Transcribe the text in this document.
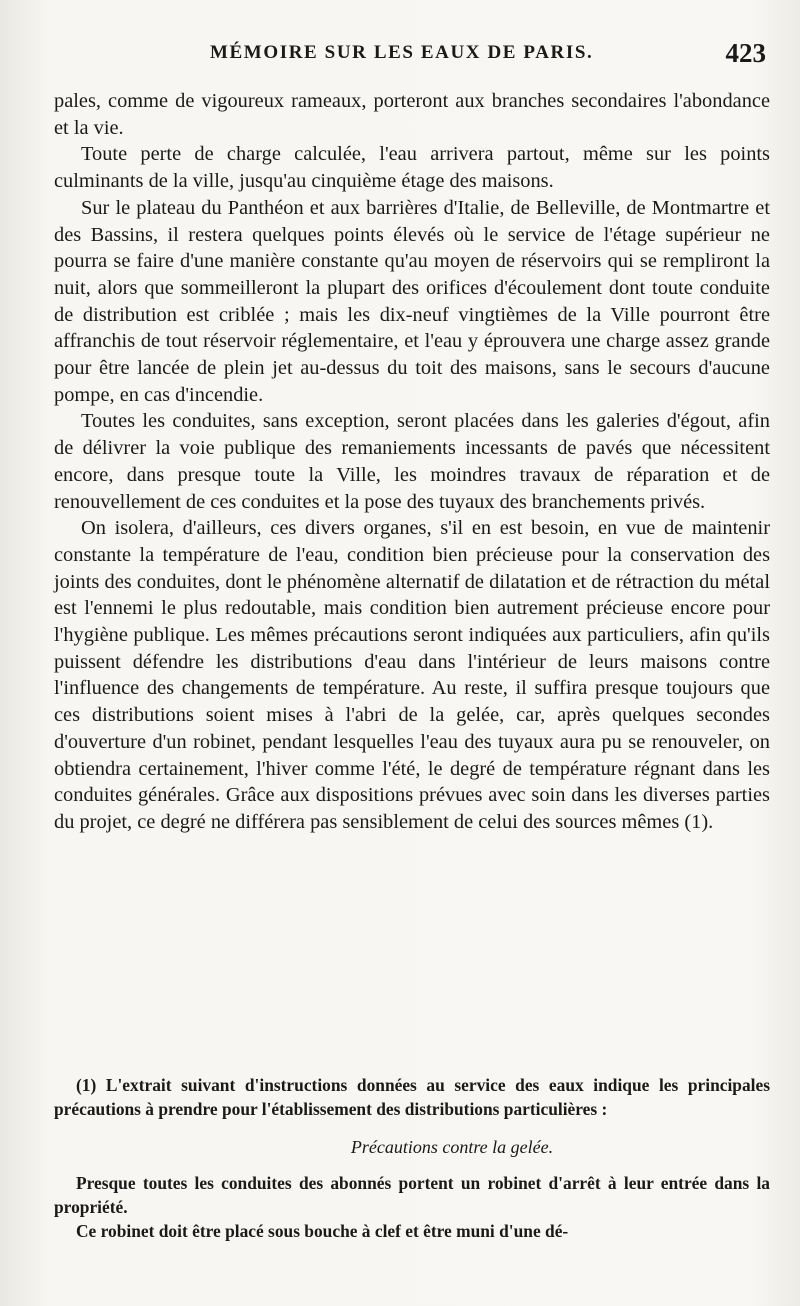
MÉMOIRE SUR LES EAUX DE PARIS.	423

pales, comme de vigoureux rameaux, porteront aux branches secondaires l'abondance et la vie.

Toute perte de charge calculée, l'eau arrivera partout, même sur les points culminants de la ville, jusqu'au cinquième étage des maisons.

Sur le plateau du Panthéon et aux barrières d'Italie, de Belleville, de Montmartre et des Bassins, il restera quelques points élevés où le service de l'étage supérieur ne pourra se faire d'une manière constante qu'au moyen de réservoirs qui se rempliront la nuit, alors que sommeilleront la plupart des orifices d'écoulement dont toute conduite de distribution est criblée ; mais les dix-neuf vingtièmes de la Ville pourront être affranchis de tout réservoir réglementaire, et l'eau y éprouvera une charge assez grande pour être lancée de plein jet au-dessus du toit des maisons, sans le secours d'aucune pompe, en cas d'incendie.

Toutes les conduites, sans exception, seront placées dans les galeries d'égout, afin de délivrer la voie publique des remaniements incessants de pavés que nécessitent encore, dans presque toute la Ville, les moindres travaux de réparation et de renouvellement de ces conduites et la pose des tuyaux des branchements privés.

On isolera, d'ailleurs, ces divers organes, s'il en est besoin, en vue de maintenir constante la température de l'eau, condition bien précieuse pour la conservation des joints des conduites, dont le phénomène alternatif de dilatation et de rétraction du métal est l'ennemi le plus redoutable, mais condition bien autrement précieuse encore pour l'hygiène publique. Les mêmes précautions seront indiquées aux particuliers, afin qu'ils puissent défendre les distributions d'eau dans l'intérieur de leurs maisons contre l'influence des changements de température. Au reste, il suffira presque toujours que ces distributions soient mises à l'abri de la gelée, car, après quelques secondes d'ouverture d'un robinet, pendant lesquelles l'eau des tuyaux aura pu se renouveler, on obtiendra certainement, l'hiver comme l'été, le degré de température régnant dans les conduites générales. Grâce aux dispositions prévues avec soin dans les diverses parties du projet, ce degré ne différera pas sensiblement de celui des sources mêmes (1).

(1) L'extrait suivant d'instructions données au service des eaux indique les principales précautions à prendre pour l'établissement des distributions particulières :

Précautions contre la gelée.

Presque toutes les conduites des abonnés portent un robinet d'arrêt à leur entrée dans la propriété.

Ce robinet doit être placé sous bouche à clef et être muni d'une dé-
